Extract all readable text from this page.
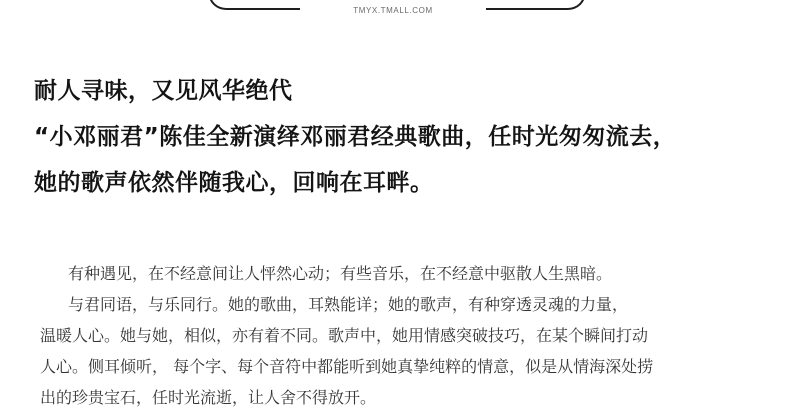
TMYX.TMALL.COM
耐人寻味，又见风华绝代
“小邓丽君”陈佳全新演绎邓丽君经典歌曲，任时光匆匆流去，
她的歌声依然伴随我心，回响在耳畔。
有种遇见，在不经意间让人怦然心动；有些音乐，在不经意中驱散人生黑暗。
与君同语，与乐同行。她的歌曲，耳熟能详；她的歌声，有种穿透灵魂的力量，
温暖人心。她与她，相似，亦有着不同。歌声中，她用情感突破技巧，在某个瞬间打动
人心。侧耳倾听， 每个字、每个音符中都能听到她真挚纯粹的情意，似是从情海深处捞
出的珍贵宝石，任时光流逝，让人舍不得放开。
